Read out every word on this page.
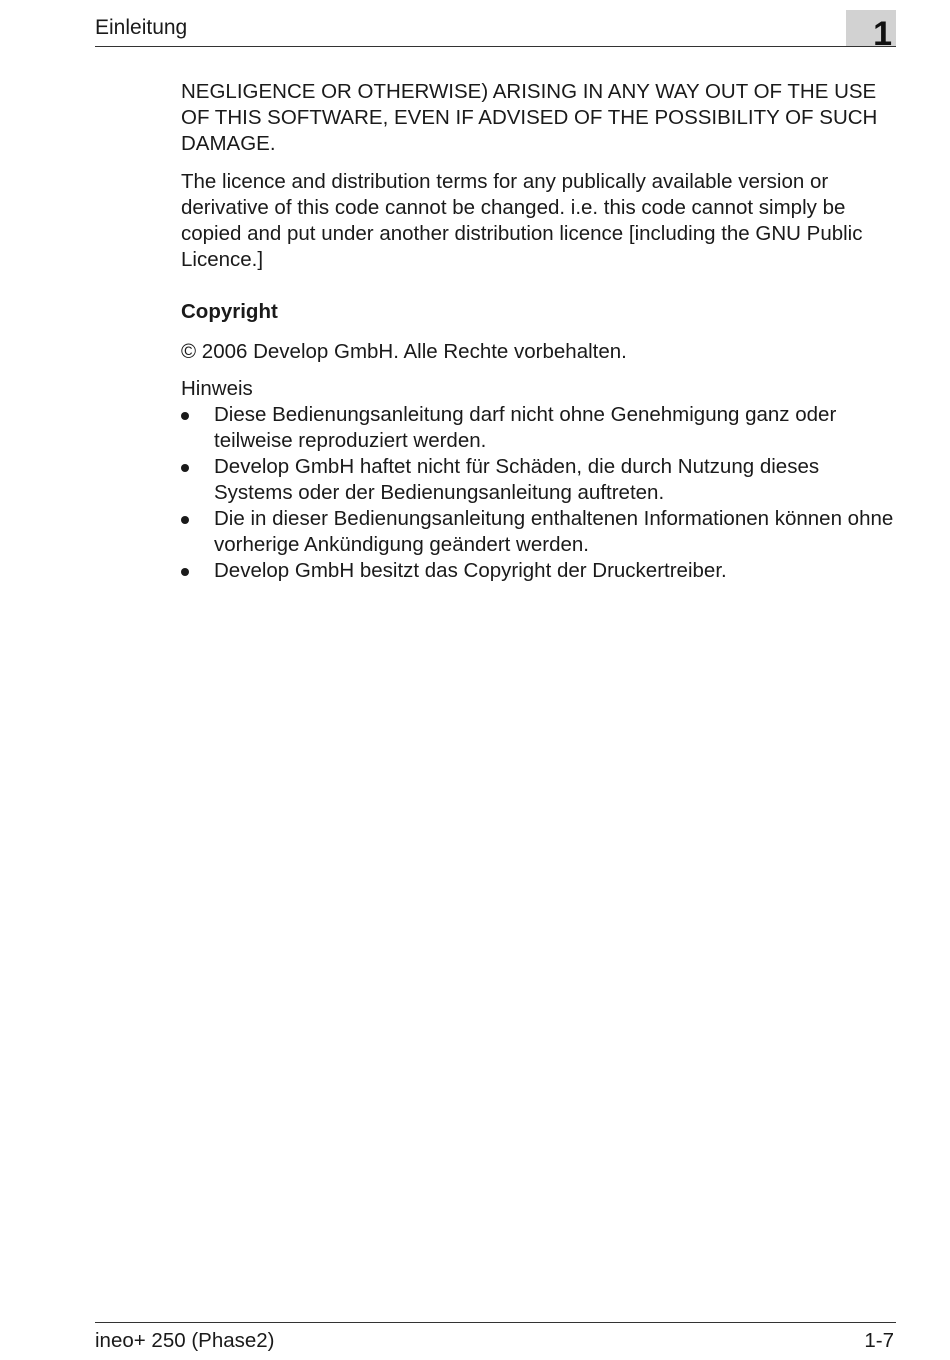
Einleitung	1

NEGLIGENCE OR OTHERWISE) ARISING IN ANY WAY OUT OF THE USE OF THIS SOFTWARE, EVEN IF ADVISED OF THE POSSIBILITY OF SUCH DAMAGE.

The licence and distribution terms for any publically available version or derivative of this code cannot be changed. i.e. this code cannot simply be copied and put under another distribution licence [including the GNU Public Licence.]

Copyright

© 2006 Develop GmbH. Alle Rechte vorbehalten.

Hinweis

Diese Bedienungsanleitung darf nicht ohne Genehmigung ganz oder teilweise reproduziert werden.
Develop GmbH haftet nicht für Schäden, die durch Nutzung dieses Systems oder der Bedienungsanleitung auftreten.
Die in dieser Bedienungsanleitung enthaltenen Informationen können ohne vorherige Ankündigung geändert werden.
Develop GmbH besitzt das Copyright der Druckertreiber.
ineo+ 250 (Phase2)	1-7
